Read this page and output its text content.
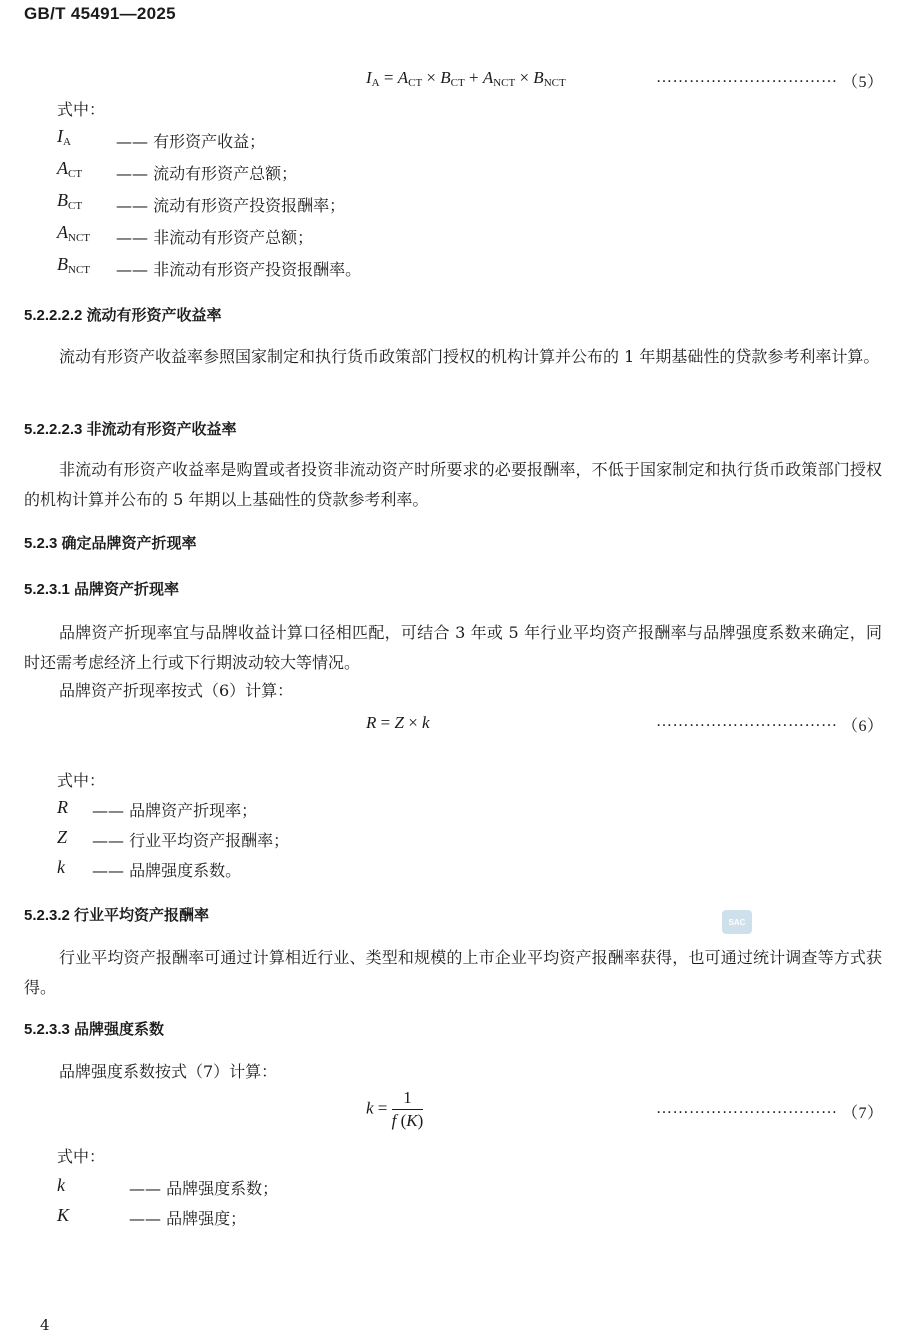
GB/T 45491—2025
$I_A = A_{CT} \times B_{CT} + A_{NCT} \times B_{NCT}$	…………………………… （5）
式中：
$I_A$	—— 有形资产收益；
$A_{CT}$ —— 流动有形资产总额；
$B_{CT}$ —— 流动有形资产投资报酬率；
$A_{NCT}$ —— 非流动有形资产总额；
$B_{NCT}$ —— 非流动有形资产投资报酬率。
5.2.2.2.2 流动有形资产收益率
流动有形资产收益率参照国家制定和执行货币政策部门授权的机构计算并公布的 1 年期基础性的贷款参考利率计算。
5.2.2.2.3 非流动有形资产收益率
非流动有形资产收益率是购置或者投资非流动资产时所要求的必要报酬率，不低于国家制定和执行货币政策部门授权的机构计算并公布的 5 年期以上基础性的贷款参考利率。
5.2.3 确定品牌资产折现率
5.2.3.1 品牌资产折现率
品牌资产折现率宜与品牌收益计算口径相匹配，可结合 3 年或 5 年行业平均资产报酬率与品牌强度系数来确定，同时还需考虑经济上行或下行期波动较大等情况。
品牌资产折现率按式（6）计算：
R = Z × k	…………………………… （6）
式中：
R —— 品牌资产折现率；
Z —— 行业平均资产报酬率；
k —— 品牌强度系数。
5.2.3.2 行业平均资产报酬率	SAC
行业平均资产报酬率可通过计算相近行业、类型和规模的上市企业平均资产报酬率获得，也可通过统计调查等方式获得。
5.2.3.3 品牌强度系数
品牌强度系数按式（7）计算：
$k = \frac{1}{f (K)}$	…………………………… （7）
式中：
k	—— 品牌强度系数；
K	—— 品牌强度；
4
